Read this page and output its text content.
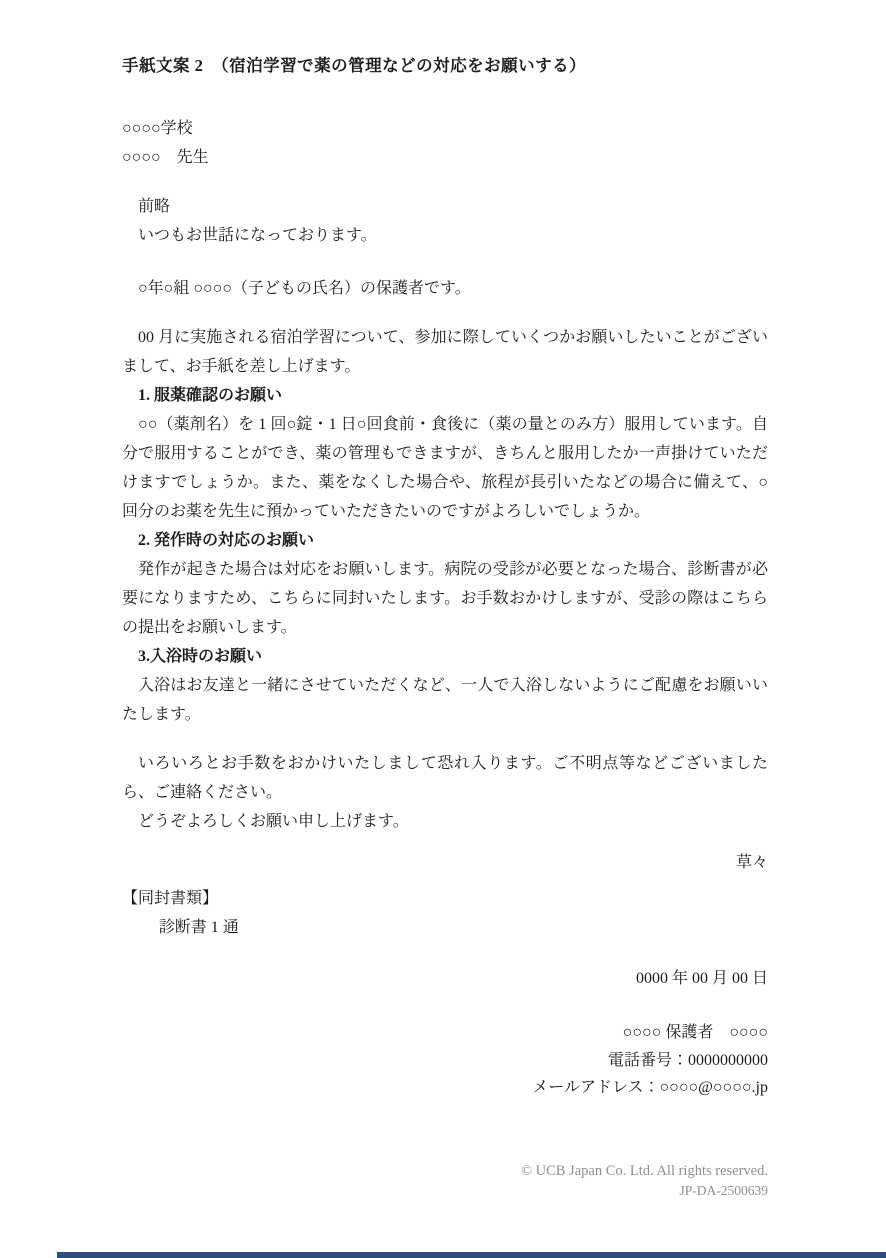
手紙文案 2　（宿泊学習で薬の管理などの対応をお願いする）

○○○○学校

○○○○　先生

前略

いつもお世話になっております。

○年○組 ○○○○（子どもの氏名）の保護者です。

00 月に実施される宿泊学習について、参加に際していくつかお願いしたいことがございまして、お手紙を差し上げます。

1. 服薬確認のお願い

○○（薬剤名）を 1 回○錠・1 日○回食前・食後に（薬の量とのみ方）服用しています。自分で服用することができ、薬の管理もできますが、きちんと服用したか一声掛けていただけますでしょうか。また、薬をなくした場合や、旅程が長引いたなどの場合に備えて、○回分のお薬を先生に預かっていただきたいのですがよろしいでしょうか。

2. 発作時の対応のお願い

発作が起きた場合は対応をお願いします。病院の受診が必要となった場合、診断書が必要になりますため、こちらに同封いたします。お手数おかけしますが、受診の際はこちらの提出をお願いします。

3.入浴時のお願い

入浴はお友達と一緒にさせていただくなど、一人で入浴しないようにご配慮をお願いいたします。

いろいろとお手数をおかけいたしまして恐れ入ります。ご不明点等などございましたら、ご連絡ください。

どうぞよろしくお願い申し上げます。

草々

【同封書類】

診断書 1 通

0000 年 00 月 00 日

○○○○ 保護者　○○○○

電話番号：0000000000

メールアドレス：○○○○@○○○○.jp

© UCB Japan Co. Ltd. All rights reserved.

JP-DA-2500639
